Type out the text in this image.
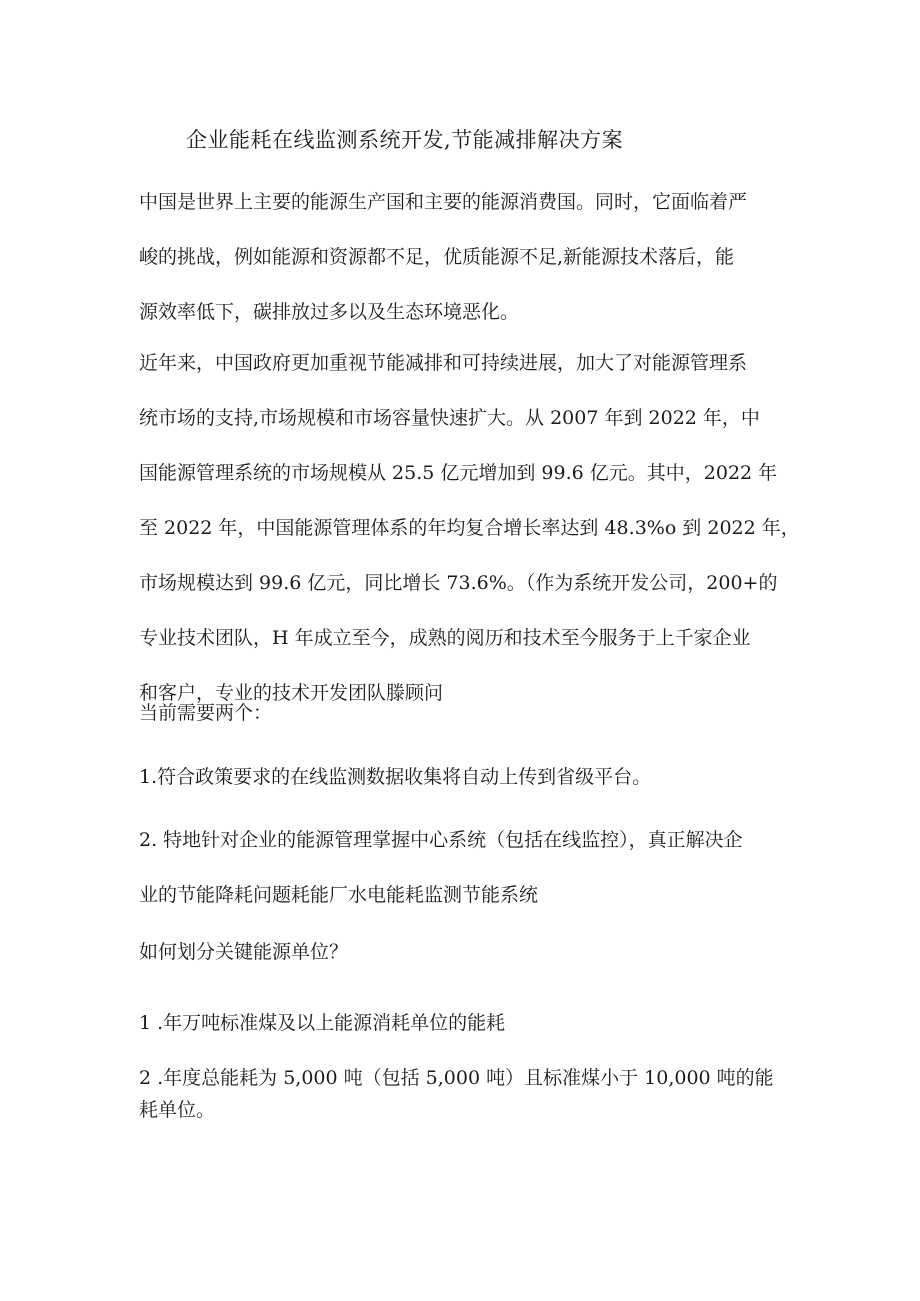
企业能耗在线监测系统开发,节能减排解决方案
中国是世界上主要的能源生产国和主要的能源消费国。同时，它面临着严
峻的挑战，例如能源和资源都不足，优质能源不足,新能源技术落后，能
源效率低下，碳排放过多以及生态环境恶化。
近年来，中国政府更加重视节能减排和可持续进展，加大了对能源管理系
统市场的支持,市场规模和市场容量快速扩大。从 2007 年到 2022 年，中
国能源管理系统的市场规模从 25.5 亿元增加到 99.6 亿元。其中，2022 年
至 2022 年，中国能源管理体系的年均复合增长率达到 48.3%o 到 2022 年，
市场规模达到 99.6 亿元，同比增长 73.6%。（作为系统开发公司，200+的
专业技术团队，H 年成立至今，成熟的阅历和技术至今服务于上千家企业
和客户，专业的技术开发团队滕顾问
当前需要两个：
1.符合政策要求的在线监测数据收集将自动上传到省级平台。
2. 特地针对企业的能源管理掌握中心系统（包括在线监控），真正解决企
业的节能降耗问题耗能厂水电能耗监测节能系统
如何划分关键能源单位？
1 .年万吨标准煤及以上能源消耗单位的能耗
2 .年度总能耗为 5,000 吨（包括 5,000 吨）且标准煤小于 10,000 吨的能
耗单位。
